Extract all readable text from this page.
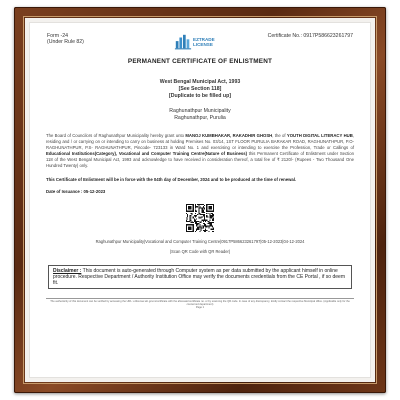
Form -24
(Under Rule 82)	EZTRADE
LICENSE
Certificate No.: 0917P586623261797
PERMANENT CERTIFICATE OF ENLISTMENT
West Bengal Municipal Act, 1993
[See Section 118]
[Duplicate to be filled up]
Raghunathpur Municipality
Raghunathpur, Purulia
The Board of Councilors of Raghunathpur Municipality hereby grant unto MANOJ KUMBHAKAR, RAKADHIR GHOSH, the of YOUTH DIGITAL LITERACY HUB, residing and / or carrying on or intending to carry on business at holding Premises No. 03/14, 1ST FLOOR PURULIA BARAKAR ROAD, RAGHUNATHPUR, P.O- RAGHUNATHPUR, P.S- RAGHUNATHPUR, Pincode- 723133 in Ward No. 1 and exercising or intending to exercise the Profession, Trade or Callings of Educational Institutions(Category), Vocational and Computer Training Centre(Nature of Business) this Permanent Certificate of Enlistment under Section 118 of the West Bengal Municipal Act, 1993 and acknowledge to have received in consideration thereof, a total fee of ₹ 2120/- (Rupees - Two Thousand One Hundred Twenty) only.
This Certificate of Enlistment will be in force with the 04th day of December, 2024 and to be produced at the time of renewal.
Date of Issuance : 05-12-2023
Raghunathpur Municipality|Vocational and Computer Training Centre|0917P586623261797|05-12-2023|04-12-2024
(Scan QR Code with QR Reader)
Disclaimer : This document is auto-generated through Computer system as per data submitted by the applicant himself in online procedure. Respective Department / Authority Institution Office may verify the documents credentials from the CE Portal , if so deem fit.
The authenticity of this document can be verified by accessing the URL: ezlicense.wb.gov.in/certificate with the aforesaid certificate no. or by scanning the QR code. In case of any discrepancy, kindly contact the respective Municipal office. (Applicable only for the concerned department)
Page 1
